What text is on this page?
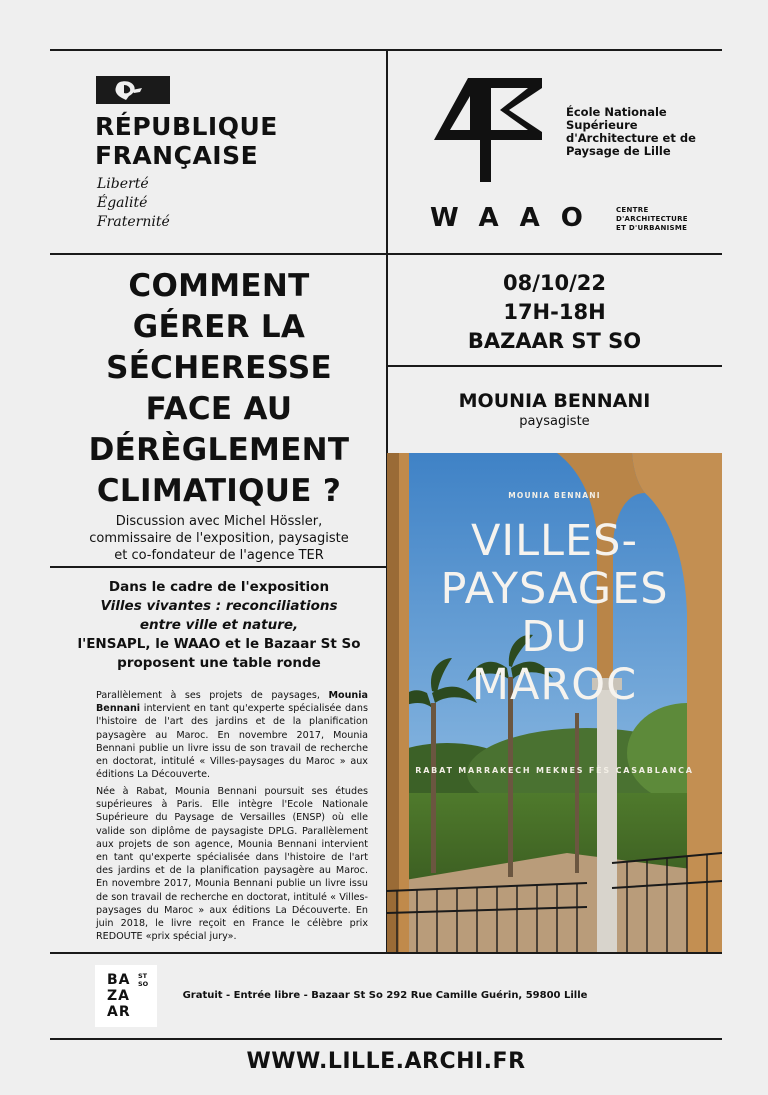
RÉPUBLIQUE
FRANÇAISE
Liberté
Égalité
Fraternité
École Nationale
Supérieure
d'Architecture et de
Paysage de Lille
WAAO CENTRE
D'ARCHITECTURE
ET D'URBANISME
COMMENT
GÉRER LA
SÉCHERESSE
FACE AU
DÉRÈGLEMENT
CLIMATIQUE ?
Discussion avec Michel Hössler,
commissaire de l'exposition, paysagiste
et co-fondateur de l'agence TER
08/10/22
17H-18H
BAZAAR ST SO
MOUNIA BENNANI
paysagiste
Dans le cadre de l'exposition
Villes vivantes : reconciliations
entre ville et nature,
l'ENSAPL, le WAAO et le Bazaar St So
proposent une table ronde
Parallèlement à ses projets de paysages, Mounia Bennani intervient en tant qu'experte spécialisée dans l'histoire de l'art des jardins et de la planification paysagère au Maroc. En novembre 2017, Mounia Bennani publie un livre issu de son travail de recherche en doctorat, intitulé « Villes-paysages du Maroc » aux éditions La Découverte.
Née à Rabat, Mounia Bennani poursuit ses études supérieures à Paris. Elle intègre l'Ecole Nationale Supérieure du Paysage de Versailles (ENSP) où elle valide son diplôme de paysagiste DPLG. Parallèlement aux projets de son agence, Mounia Bennani intervient en tant qu'experte spécialisée dans l'histoire de l'art des jardins et de la planification paysagère au Maroc. En novembre 2017, Mounia Bennani publie un livre issu de son travail de recherche en doctorat, intitulé « Villes-paysages du Maroc » aux éditions La Découverte. En juin 2018, le livre reçoit en France le célèbre prix REDOUTE «prix spécial jury».
MOUNIA BENNANI
VILLES-
PAYSAGES
DU
MAROC
RABAT MARRAKECH MEKNES FÈS CASABLANCA
BA
ZA
AR
ST
SO
Gratuit - Entrée libre - Bazaar St So 292 Rue Camille Guérin, 59800 Lille
WWW.LILLE.ARCHI.FR
